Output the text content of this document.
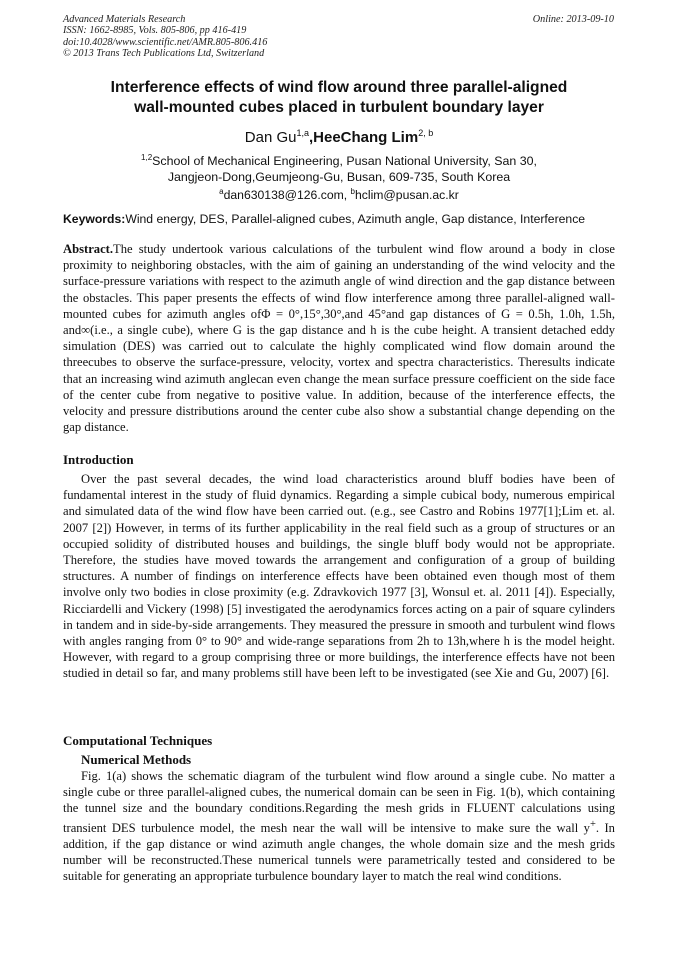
Advanced Materials Research
ISSN: 1662-8985, Vols. 805-806, pp 416-419
doi:10.4028/www.scientific.net/AMR.805-806.416
© 2013 Trans Tech Publications Ltd, Switzerland
Online: 2013-09-10
Interference effects of wind flow around three parallel-aligned
wall-mounted cubes placed in turbulent boundary layer
Dan Gu$^{1,a}$,HeeChang Lim$^{2, b}$
$^{1,2}$School of Mechanical Engineering, Pusan National University, San 30,
Jangjeon-Dong,Geumjeong-Gu, Busan, 609-735, South Korea
$^a$dan630138@126.com, $^b$hclim@pusan.ac.kr
Keywords:Wind energy, DES, Parallel-aligned cubes, Azimuth angle, Gap distance, Interference
Abstract.The study undertook various calculations of the turbulent wind flow around a body in close proximity to neighboring obstacles, with the aim of gaining an understanding of the wind velocity and the surface-pressure variations with respect to the azimuth angle of wind direction and the gap distance between the obstacles. This paper presents the effects of wind flow interference among three parallel-aligned wall-mounted cubes for azimuth angles ofΦ = 0°,15°,30°,and 45°and gap distances of G = 0.5h, 1.0h, 1.5h, and∞(i.e., a single cube), where G is the gap distance and h is the cube height. A transient detached eddy simulation (DES) was carried out to calculate the highly complicated wind flow domain around the threecubes to observe the surface-pressure, velocity, vortex and spectra characteristics. Theresults indicate that an increasing wind azimuth anglecan even change the mean surface pressure coefficient on the side face of the center cube from negative to positive value. In addition, because of the interference effects, the velocity and pressure distributions around the center cube also show a substantial change depending on the gap distance.
Introduction
Over the past several decades, the wind load characteristics around bluff bodies have been of fundamental interest in the study of fluid dynamics. Regarding a simple cubical body, numerous empirical and simulated data of the wind flow have been carried out. (e.g., see Castro and Robins 1977[1];Lim et. al. 2007 [2]) However, in terms of its further applicability in the real field such as a group of structures or an occupied solidity of distributed houses and buildings, the single bluff body would not be appropriate. Therefore, the studies have moved towards the arrangement and configuration of a group of building structures. A number of findings on interference effects have been obtained even though most of them involve only two bodies in close proximity (e.g. Zdravkovich 1977 [3], Wonsul et. al. 2011 [4]). Especially, Ricciardelli and Vickery (1998) [5] investigated the aerodynamics forces acting on a pair of square cylinders in tandem and in side-by-side arrangements. They measured the pressure in smooth and turbulent wind flows with angles ranging from 0° to 90° and wide-range separations from 2h to 13h,where h is the model height. However, with regard to a group comprising three or more buildings, the interference effects have not been studied in detail so far, and many problems still have been left to be investigated (see Xie and Gu, 2007) [6].
Computational Techniques
Numerical Methods
Fig. 1(a) shows the schematic diagram of the turbulent wind flow around a single cube. No matter a single cube or three parallel-aligned cubes, the numerical domain can be seen in Fig. 1(b), which containing the tunnel size and the boundary conditions.Regarding the mesh grids in FLUENT calculations using transient DES turbulence model, the mesh near the wall will be intensive to make sure the wall y+. In addition, if the gap distance or wind azimuth angle changes, the whole domain size and the mesh grids number will be reconstructed.These numerical tunnels were parametrically tested and considered to be suitable for generating an appropriate turbulence boundary layer to match the real wind conditions.
